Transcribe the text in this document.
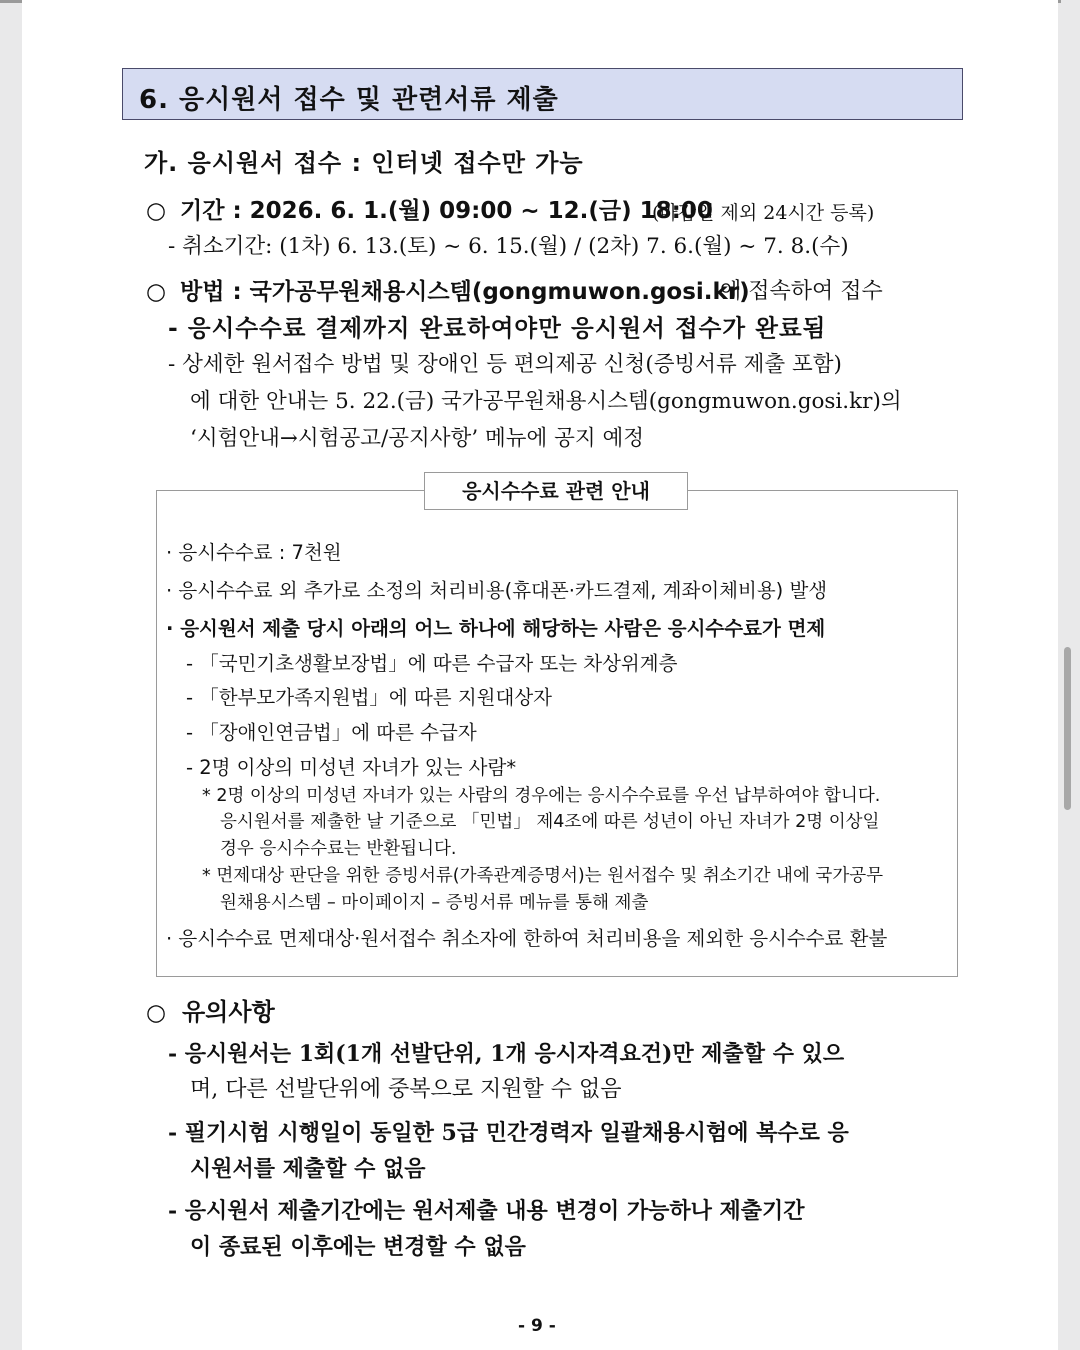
6. 응시원서 접수 및 관련서류 제출
가. 응시원서 접수 : 인터넷 접수만 가능
○ 기간 : 2026. 6. 1.(월) 09:00 ~ 12.(금) 18:00
(마감일 제외 24시간 등록)
- 취소기간: (1차) 6. 13.(토) ~ 6. 15.(월) / (2차) 7. 6.(월) ~ 7. 8.(수)
○ 방법 : 국가공무원채용시스템(gongmuwon.gosi.kr)
에 접속하여 접수
- 응시수수료 결제까지 완료하여야만 응시원서 접수가 완료됨
- 상세한 원서접수 방법 및 장애인 등 편의제공 신청(증빙서류 제출 포함)
에 대한 안내는 5. 22.(금) 국가공무원채용시스템(gongmuwon.gosi.kr)의
‘시험안내→시험공고/공지사항’ 메뉴에 공지 예정
응시수수료 관련 안내
· 응시수수료 : 7천원
· 응시수수료 외 추가로 소정의 처리비용(휴대폰·카드결제, 계좌이체비용) 발생
· 응시원서 제출 당시 아래의 어느 하나에 해당하는 사람은 응시수수료가 면제
- 「국민기초생활보장법」에 따른 수급자 또는 차상위계층
- 「한부모가족지원법」에 따른 지원대상자
- 「장애인연금법」에 따른 수급자
- 2명 이상의 미성년 자녀가 있는 사람*
* 2명 이상의 미성년 자녀가 있는 사람의 경우에는 응시수수료를 우선 납부하여야 합니다.
응시원서를 제출한 날 기준으로 「민법」 제4조에 따른 성년이 아닌 자녀가 2명 이상일
경우 응시수수료는 반환됩니다.
* 면제대상 판단을 위한 증빙서류(가족관계증명서)는 원서접수 및 취소기간 내에 국가공무
원채용시스템 – 마이페이지 – 증빙서류 메뉴를 통해 제출
· 응시수수료 면제대상·원서접수 취소자에 한하여 처리비용을 제외한 응시수수료 환불
○ 유의사항
- 응시원서는 1회(1개 선발단위, 1개 응시자격요건)만 제출할 수 있으
며, 다른 선발단위에 중복으로 지원할 수 없음
- 필기시험 시행일이 동일한 5급 민간경력자 일괄채용시험에 복수로 응
시원서를 제출할 수 없음
- 응시원서 제출기간에는 원서제출 내용 변경이 가능하나 제출기간
이 종료된 이후에는 변경할 수 없음
- 9 -
